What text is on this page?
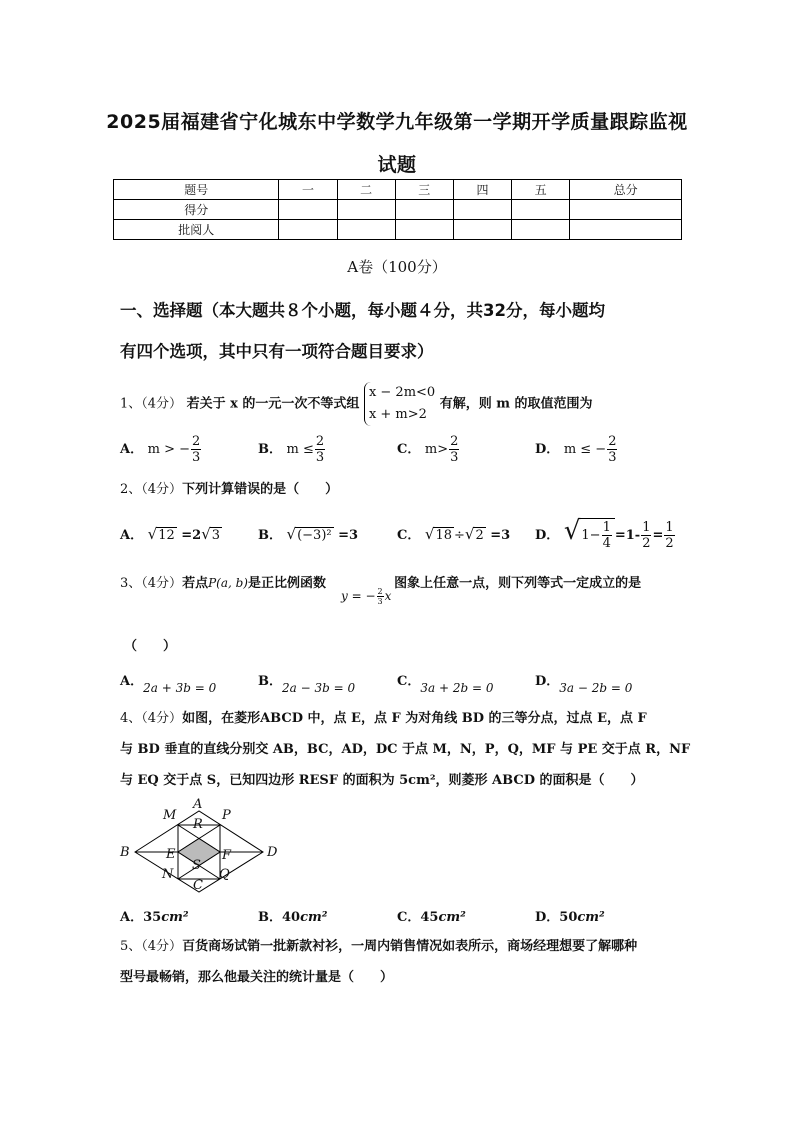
2025届福建省宁化城东中学数学九年级第一学期开学质量跟踪监视
试题
题号	一	二	三	四	五	总分
得分						
批阅人						
A卷（100分）
一、选择题（本大题共８个小题，每小题４分，共32分，每小题均
有四个选项，其中只有一项符合题目要求）
1、（4分） 若关于 x 的一元一次不等式组
x − 2m<0
x + m>2
有解，则 m 的取值范围为
A． m > − $\frac{2}{3}$	B． $m \le \frac{2}{3}$	C． $m> \frac{2}{3}$	D． m ≤ − $\frac{2}{3}$
2、（4分）下列计算错误的是（　　）
A． √12 =2√3	B． √(−3)² =3	C． √18 ÷√2 =3 D． $√1- \frac{1}{4} =1- \frac{1}{2} = \frac{1}{2}$
3、（4分）若点P(a, b)是正比例函数	图象上任意一点，则下列等式一定成立的是
y = − $\frac{2}{3}$ x
（　　）
A．2a + 3b = 0	B．2a − 3b = 0	C．3a + 2b = 0	D．3a − 2b = 0
4、（4分）如图，在菱形ABCD 中，点 E，点 F 为对角线 BD 的三等分点，过点 E，点 F
与 BD 垂直的直线分别交 AB，BC，AD，DC 于点 M，N，P，Q，MF 与 PE 交于点 R，NF
与 EQ 交于点 S，已知四边形 RESF 的面积为 5cm²，则菱形 ABCD 的面积是（　　）
A
M	P
R
B	E	F	D
S
N	Q
C
A．35cm²	B．40cm²	C．45cm²	D．50cm²
5、（4分）百货商场试销一批新款衬衫，一周内销售情况如表所示，商场经理想要了解哪种
型号最畅销，那么他最关注的统计量是（　　）
